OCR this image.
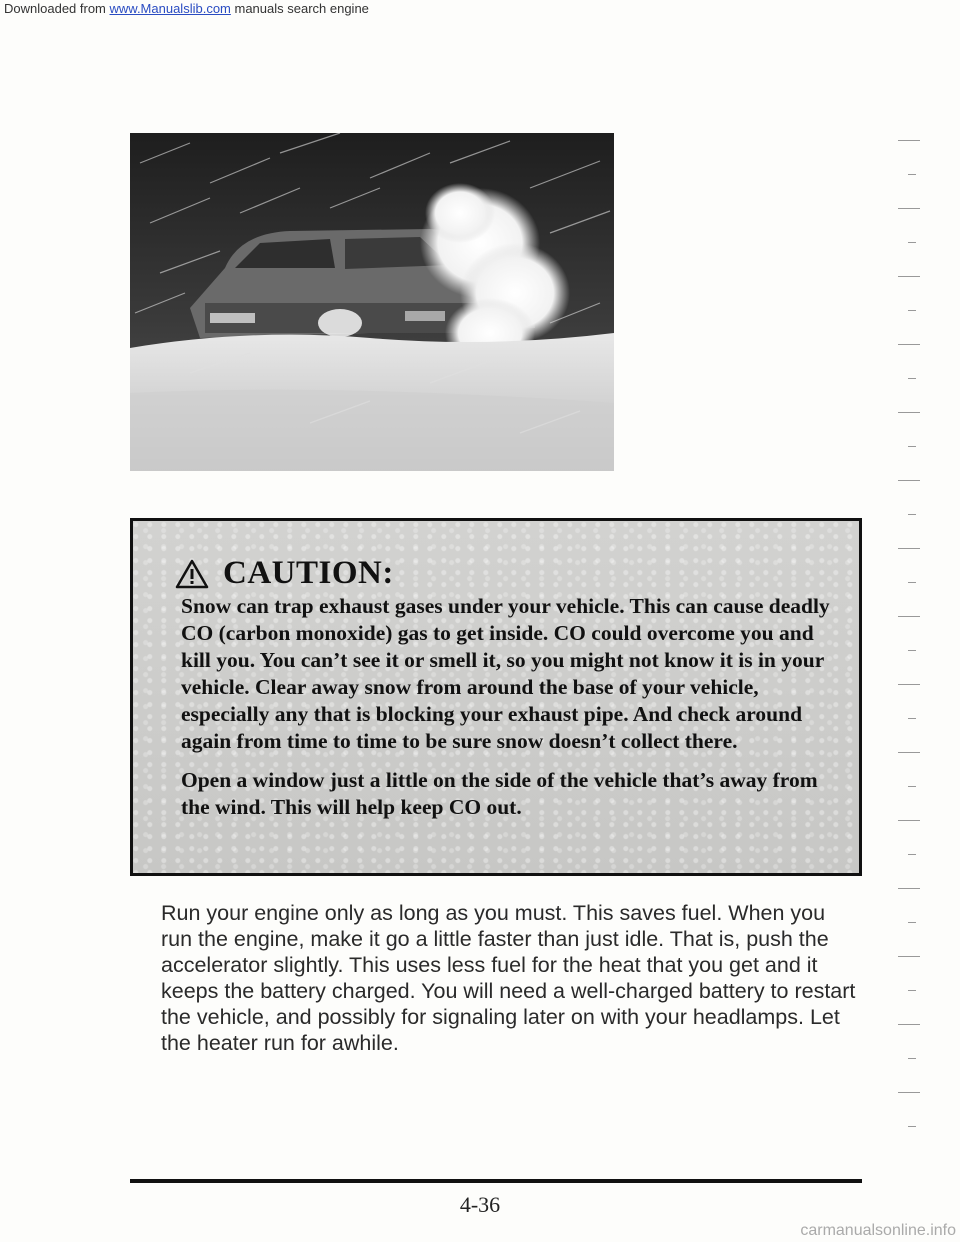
Downloaded from www.Manualslib.com manuals search engine
CAUTION:

Snow can trap exhaust gases under your vehicle. This can cause deadly CO (carbon monoxide) gas to get inside. CO could overcome you and kill you. You can’t see it or smell it, so you might not know it is in your vehicle. Clear away snow from around the base of your vehicle, especially any that is blocking your exhaust pipe. And check around again from time to time to be sure snow doesn’t collect there.

Open a window just a little on the side of the vehicle that’s away from the wind. This will help keep CO out.

Run your engine only as long as you must. This saves fuel. When you run the engine, make it go a little faster than just idle. That is, push the accelerator slightly. This uses less fuel for the heat that you get and it keeps the battery charged. You will need a well-charged battery to restart the vehicle, and possibly for signaling later on with your headlamps. Let the heater run for awhile.

4-36
carmanualsonline.info
